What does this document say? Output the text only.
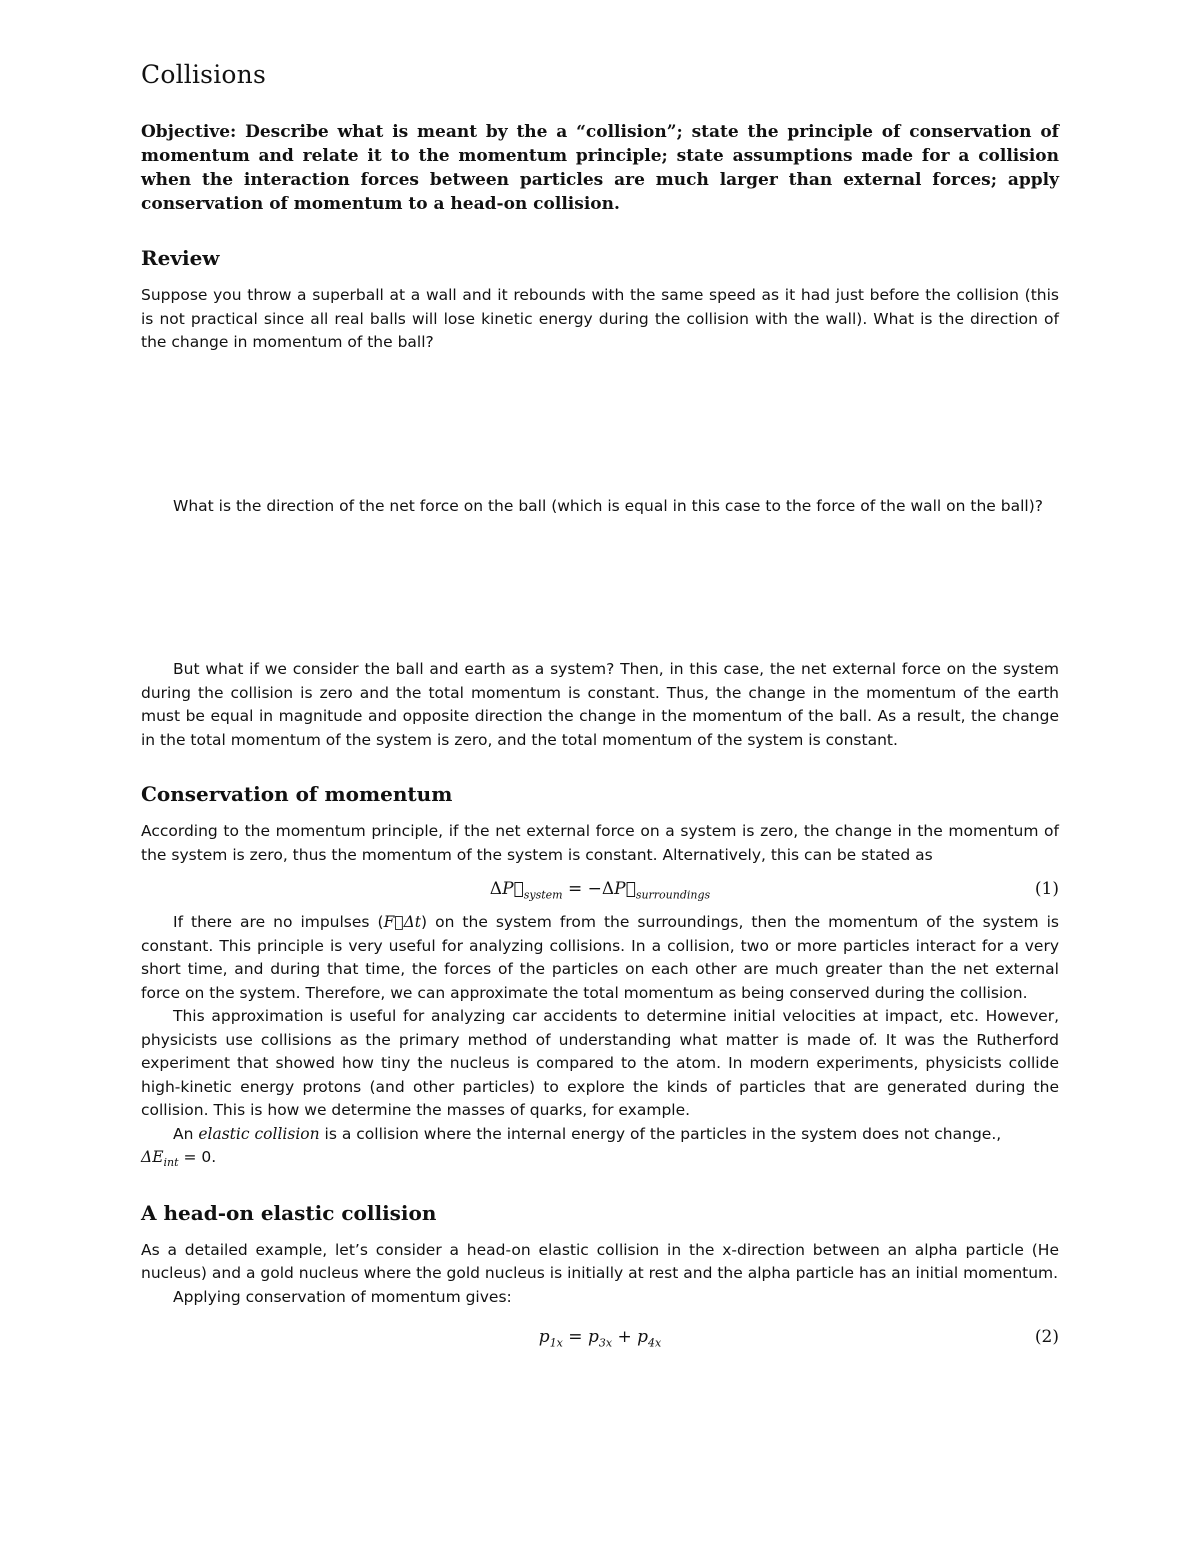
Collisions

Objective: Describe what is meant by the a “collision”; state the principle of conservation of momentum and relate it to the momentum principle; state assumptions made for a collision when the interaction forces between particles are much larger than external forces; apply conservation of momentum to a head-on collision.

Review

Suppose you throw a superball at a wall and it rebounds with the same speed as it had just before the collision (this is not practical since all real balls will lose kinetic energy during the collision with the wall). What is the direction of the change in momentum of the ball?

What is the direction of the net force on the ball (which is equal in this case to the force of the wall on the ball)?

But what if we consider the ball and earth as a system? Then, in this case, the net external force on the system during the collision is zero and the total momentum is constant. Thus, the change in the momentum of the earth must be equal in magnitude and opposite direction the change in the momentum of the ball. As a result, the change in the total momentum of the system is zero, and the total momentum of the system is constant.

Conservation of momentum

According to the momentum principle, if the net external force on a system is zero, the change in the momentum of the system is zero, thus the momentum of the system is constant. Alternatively, this can be stated as

$\Delta P⃗_{system}$ = $-\Delta P⃗_{surroundings}$	(1)

If there are no impulses (F⃗Δt) on the system from the surroundings, then the momentum of the system is constant. This principle is very useful for analyzing collisions. In a collision, two or more particles interact for a very short time, and during that time, the forces of the particles on each other are much greater than the net external force on the system. Therefore, we can approximate the total momentum as being conserved during the collision.

This approximation is useful for analyzing car accidents to determine initial velocities at impact, etc. However, physicists use collisions as the primary method of understanding what matter is made of. It was the Rutherford experiment that showed how tiny the nucleus is compared to the atom. In modern experiments, physicists collide high-kinetic energy protons (and other particles) to explore the kinds of particles that are generated during the collision. This is how we determine the masses of quarks, for example.

An elastic collision is a collision where the internal energy of the particles in the system does not change.,
$\Delta E_{int} = 0$.

A head-on elastic collision

As a detailed example, let’s consider a head-on elastic collision in the x-direction between an alpha particle (He nucleus) and a gold nucleus where the gold nucleus is initially at rest and the alpha particle has an initial momentum.

Applying conservation of momentum gives:

$p_{1x} = p_{3x} + p_{4x}$	(2)
